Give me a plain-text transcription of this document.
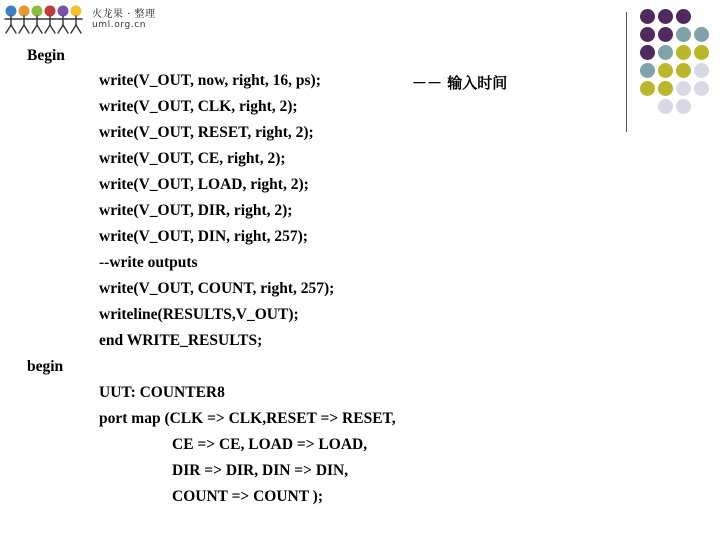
火龙果 · 整理
uml.org.cn
Begin
write(V_OUT, now, right, 16, ps);
write(V_OUT, CLK, right, 2);
write(V_OUT, RESET, right, 2);
write(V_OUT, CE, right, 2);
write(V_OUT, LOAD, right, 2);
write(V_OUT, DIR, right, 2);
write(V_OUT, DIN, right, 257);
--write outputs
write(V_OUT, COUNT, right, 257);
writeline(RESULTS,V_OUT);
end WRITE_RESULTS;
－－ 输入时间
begin
UUT: COUNTER8
port map (CLK => CLK,RESET => RESET,
CE => CE, LOAD => LOAD,
DIR => DIR, DIN => DIN,
COUNT => COUNT );
